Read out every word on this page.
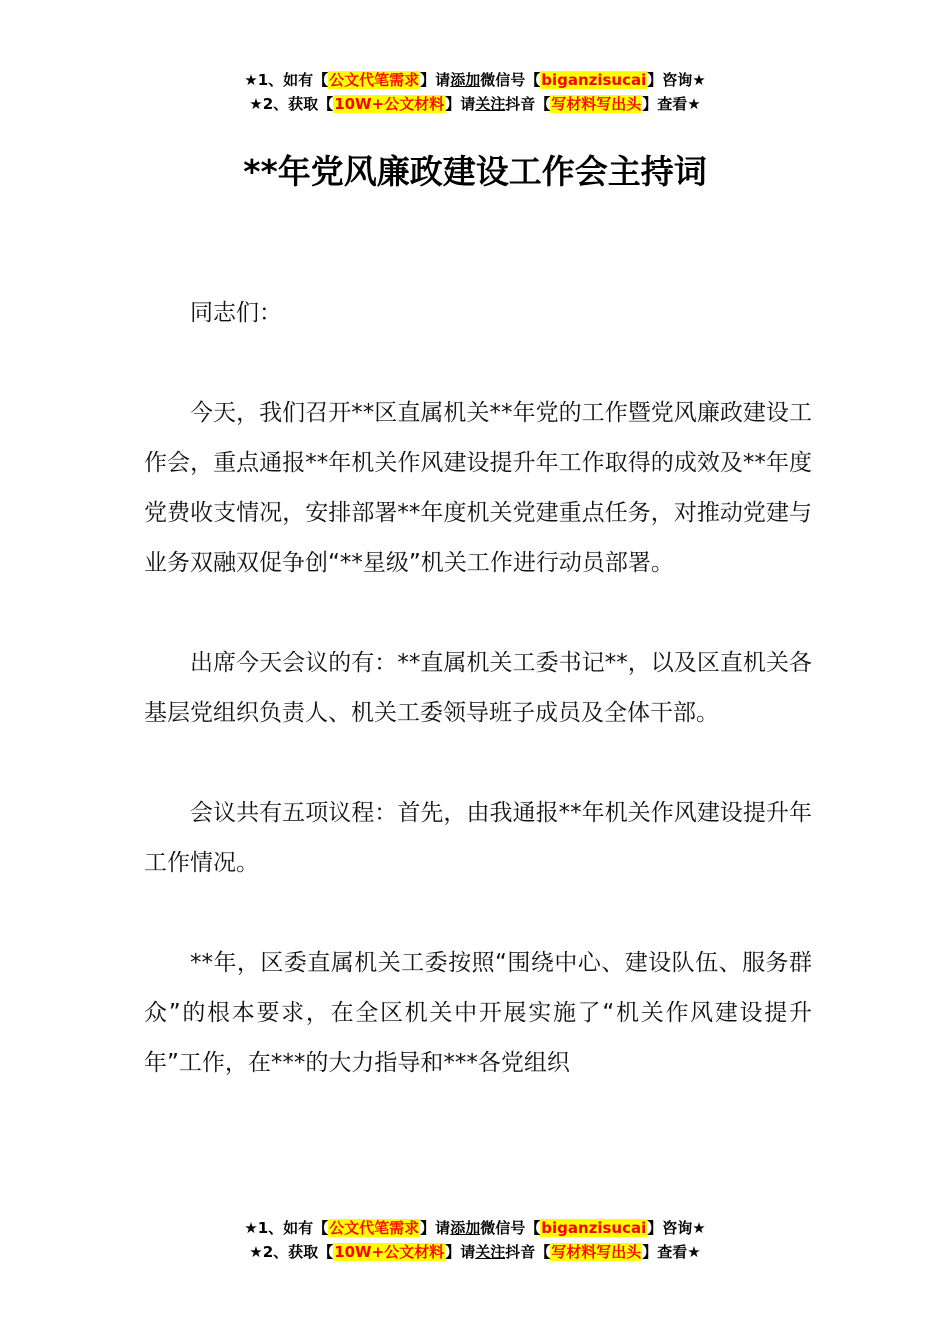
★1、如有【公文代笔需求】请添加微信号【biganzisucai】咨询★
★2、获取【10W+公文材料】请关注抖音【写材料写出头】查看★
**年党风廉政建设工作会主持词

同志们：

今天，我们召开**区直属机关**年党的工作暨党风廉政建设工作会，重点通报**年机关作风建设提升年工作取得的成效及**年度党费收支情况，安排部署**年度机关党建重点任务，对推动党建与业务双融双促争创“**星级”机关工作进行动员部署。

出席今天会议的有：**直属机关工委书记**，以及区直机关各基层党组织负责人、机关工委领导班子成员及全体干部。

会议共有五项议程：首先，由我通报**年机关作风建设提升年工作情况。

**年，区委直属机关工委按照“围绕中心、建设队伍、服务群众”的根本要求，在全区机关中开展实施了“机关作风建设提升年”工作，在***的大力指导和***各党组织

★1、如有【公文代笔需求】请添加微信号【biganzisucai】咨询★
★2、获取【10W+公文材料】请关注抖音【写材料写出头】查看★
